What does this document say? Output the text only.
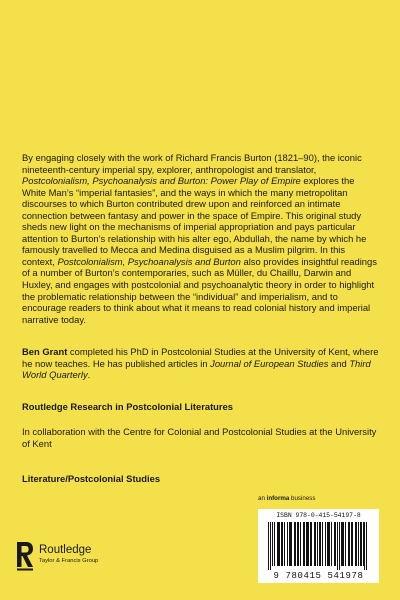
By engaging closely with the work of Richard Francis Burton (1821–90), the iconic nineteenth-century imperial spy, explorer, anthropologist and translator, Postcolonialism, Psychoanalysis and Burton: Power Play of Empire explores the White Man’s “imperial fantasies”, and the ways in which the many metropolitan discourses to which Burton contributed drew upon and reinforced an intimate connection between fantasy and power in the space of Empire. This original study sheds new light on the mechanisms of imperial appropriation and pays particular attention to Burton’s relationship with his alter ego, Abdullah, the name by which he famously travelled to Mecca and Medina disguised as a Muslim pilgrim. In this context, Postcolonialism, Psychoanalysis and Burton also provides insightful readings of a number of Burton’s contemporaries, such as Müller, du Chaillu, Darwin and Huxley, and engages with postcolonial and psychoanalytic theory in order to highlight the problematic relationship between the “individual” and imperialism, and to encourage readers to think about what it means to read colonial history and imperial narrative today.

Ben Grant completed his PhD in Postcolonial Studies at the University of Kent, where he now teaches. He has published articles in Journal of European Studies and Third World Quarterly.

Routledge Research in Postcolonial Literatures

In collaboration with the Centre for Colonial and Postcolonial Studies at the University of Kent

Literature/Postcolonial Studies

an informa business
ISBN 978-0-415-54197-8
9 780415 541978
Routledge
Taylor & Francis Group
